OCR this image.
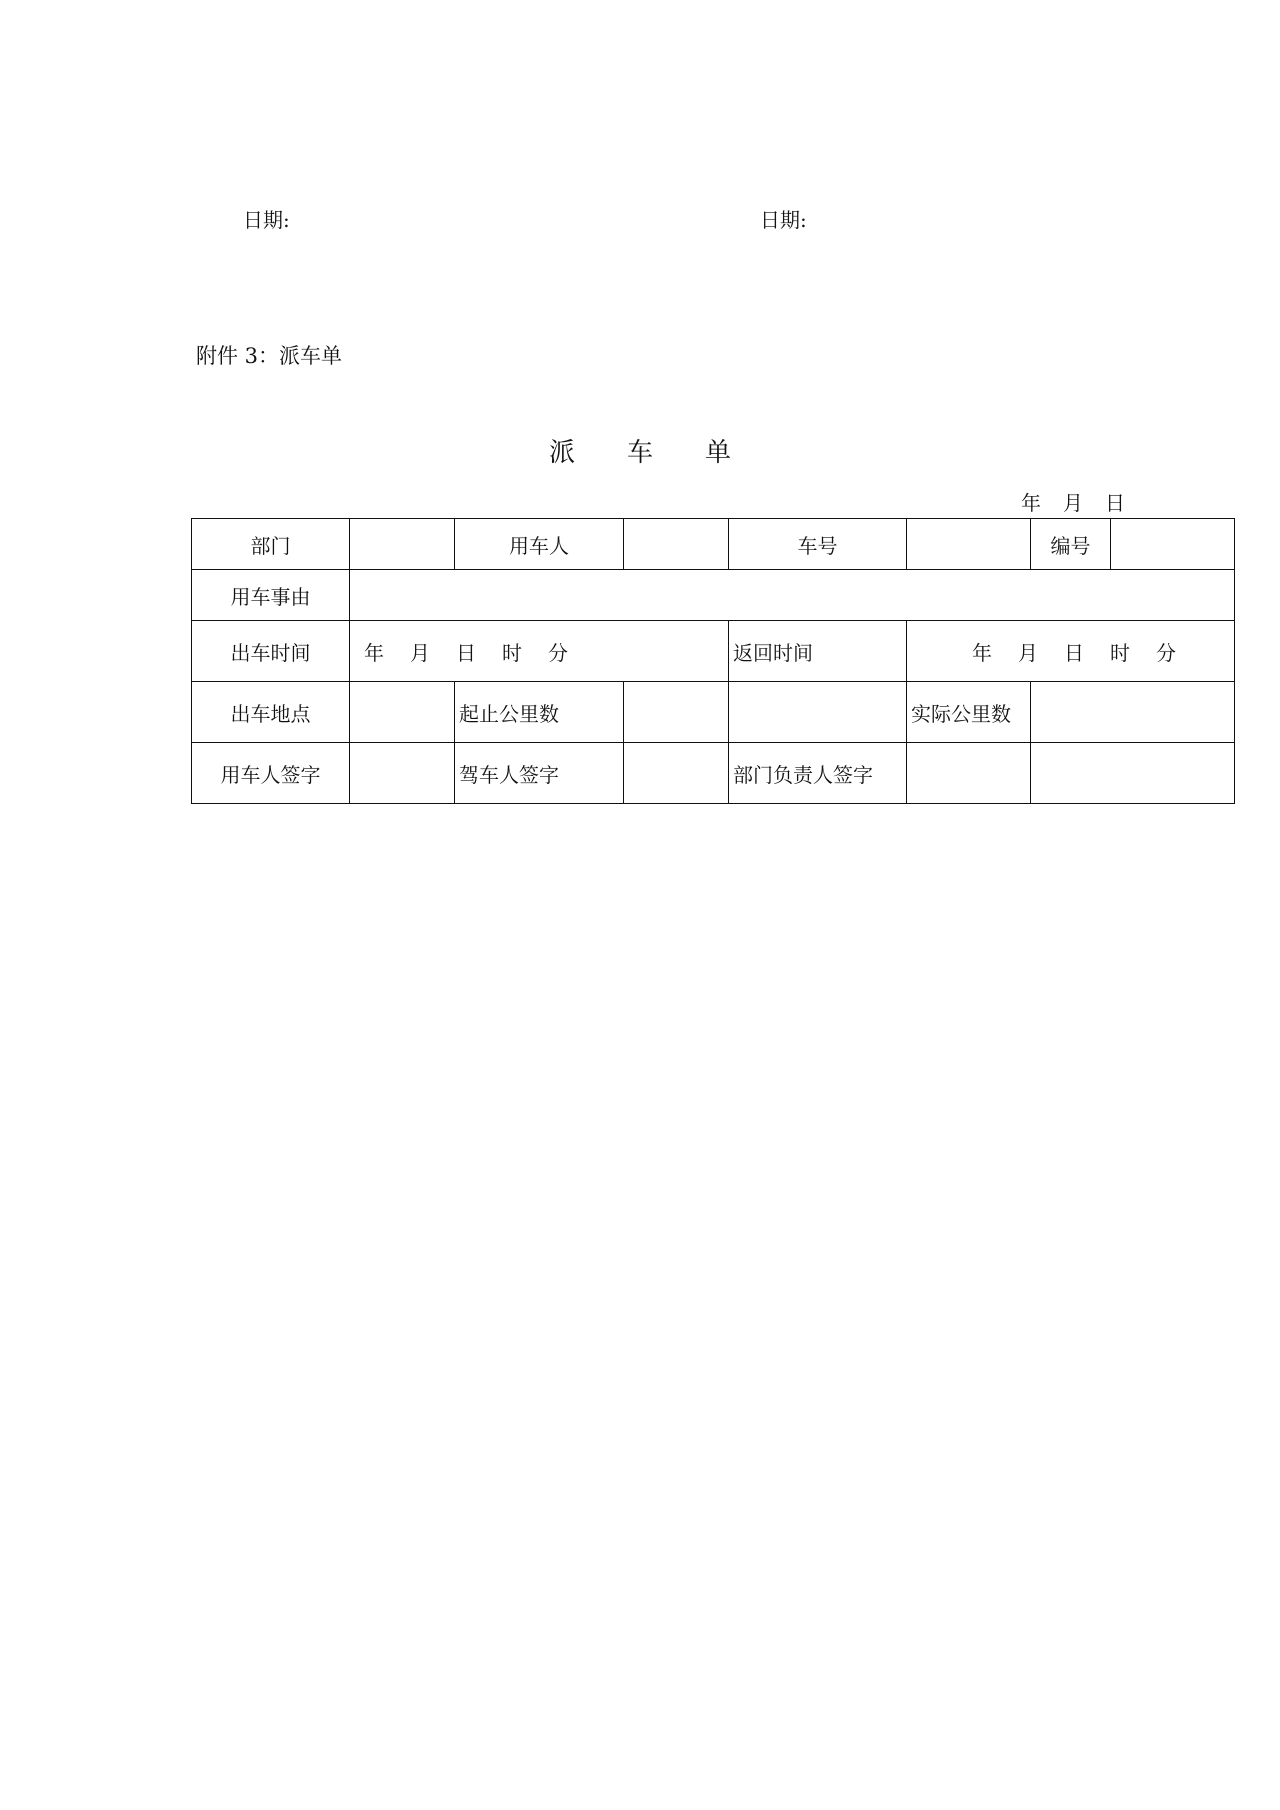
日期:	日期:
附件 3：派车单
派 车 单
年 月 日
部门		用车人		车号		编号	
用车事由							
出车时间	年 月 日 时 分			返回时间	年 月 日 时 分		
出车地点		起止公里数			实际公里数		
用车人签字		驾车人签字		部门负责人签字			
